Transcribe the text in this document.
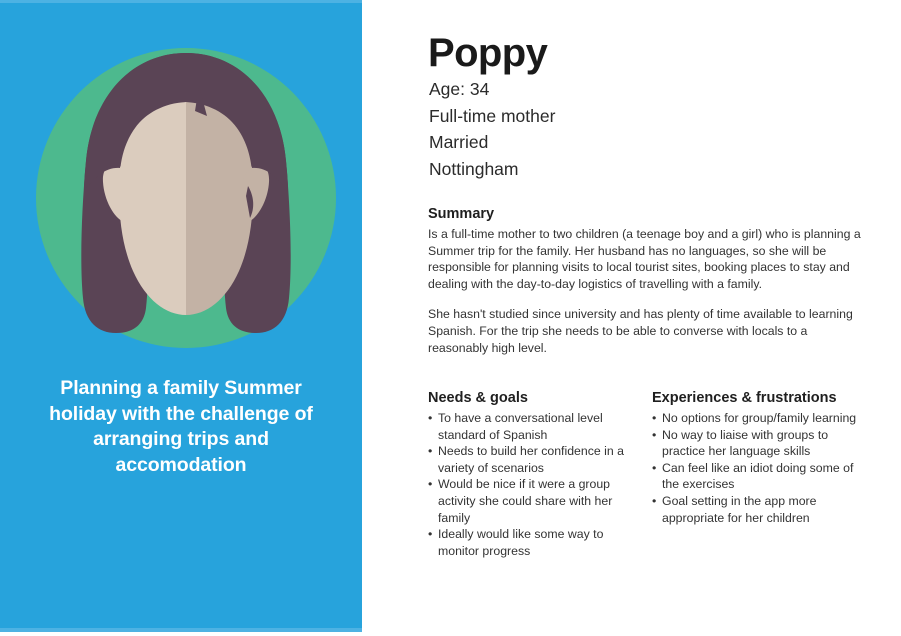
Planning a family Summer holiday with the challenge of arranging trips and accomodation
Poppy
Age: 34
Full-time mother
Married
Nottingham
Summary

Is a full-time mother to two children (a teenage boy and a girl) who is planning a Summer trip for the family. Her husband has no languages, so she will be responsible for planning visits to local tourist sites, booking places to stay and dealing with the day-to-day logistics of travelling with a family.

She hasn't studied since university and has plenty of time available to learning Spanish. For the trip she needs to be able to converse with locals to a reasonably high level.

Needs & goals
• To have a conversational level standard of Spanish
• Needs to build her confidence in a variety of scenarios
• Would be nice if it were a group activity she could share with her family
• Ideally would like some way to monitor progress
Experiences & frustrations
• No options for group/family learning
• No way to liaise with groups to practice her language skills
• Can feel like an idiot doing some of the exercises
• Goal setting in the app more appropriate for her children
